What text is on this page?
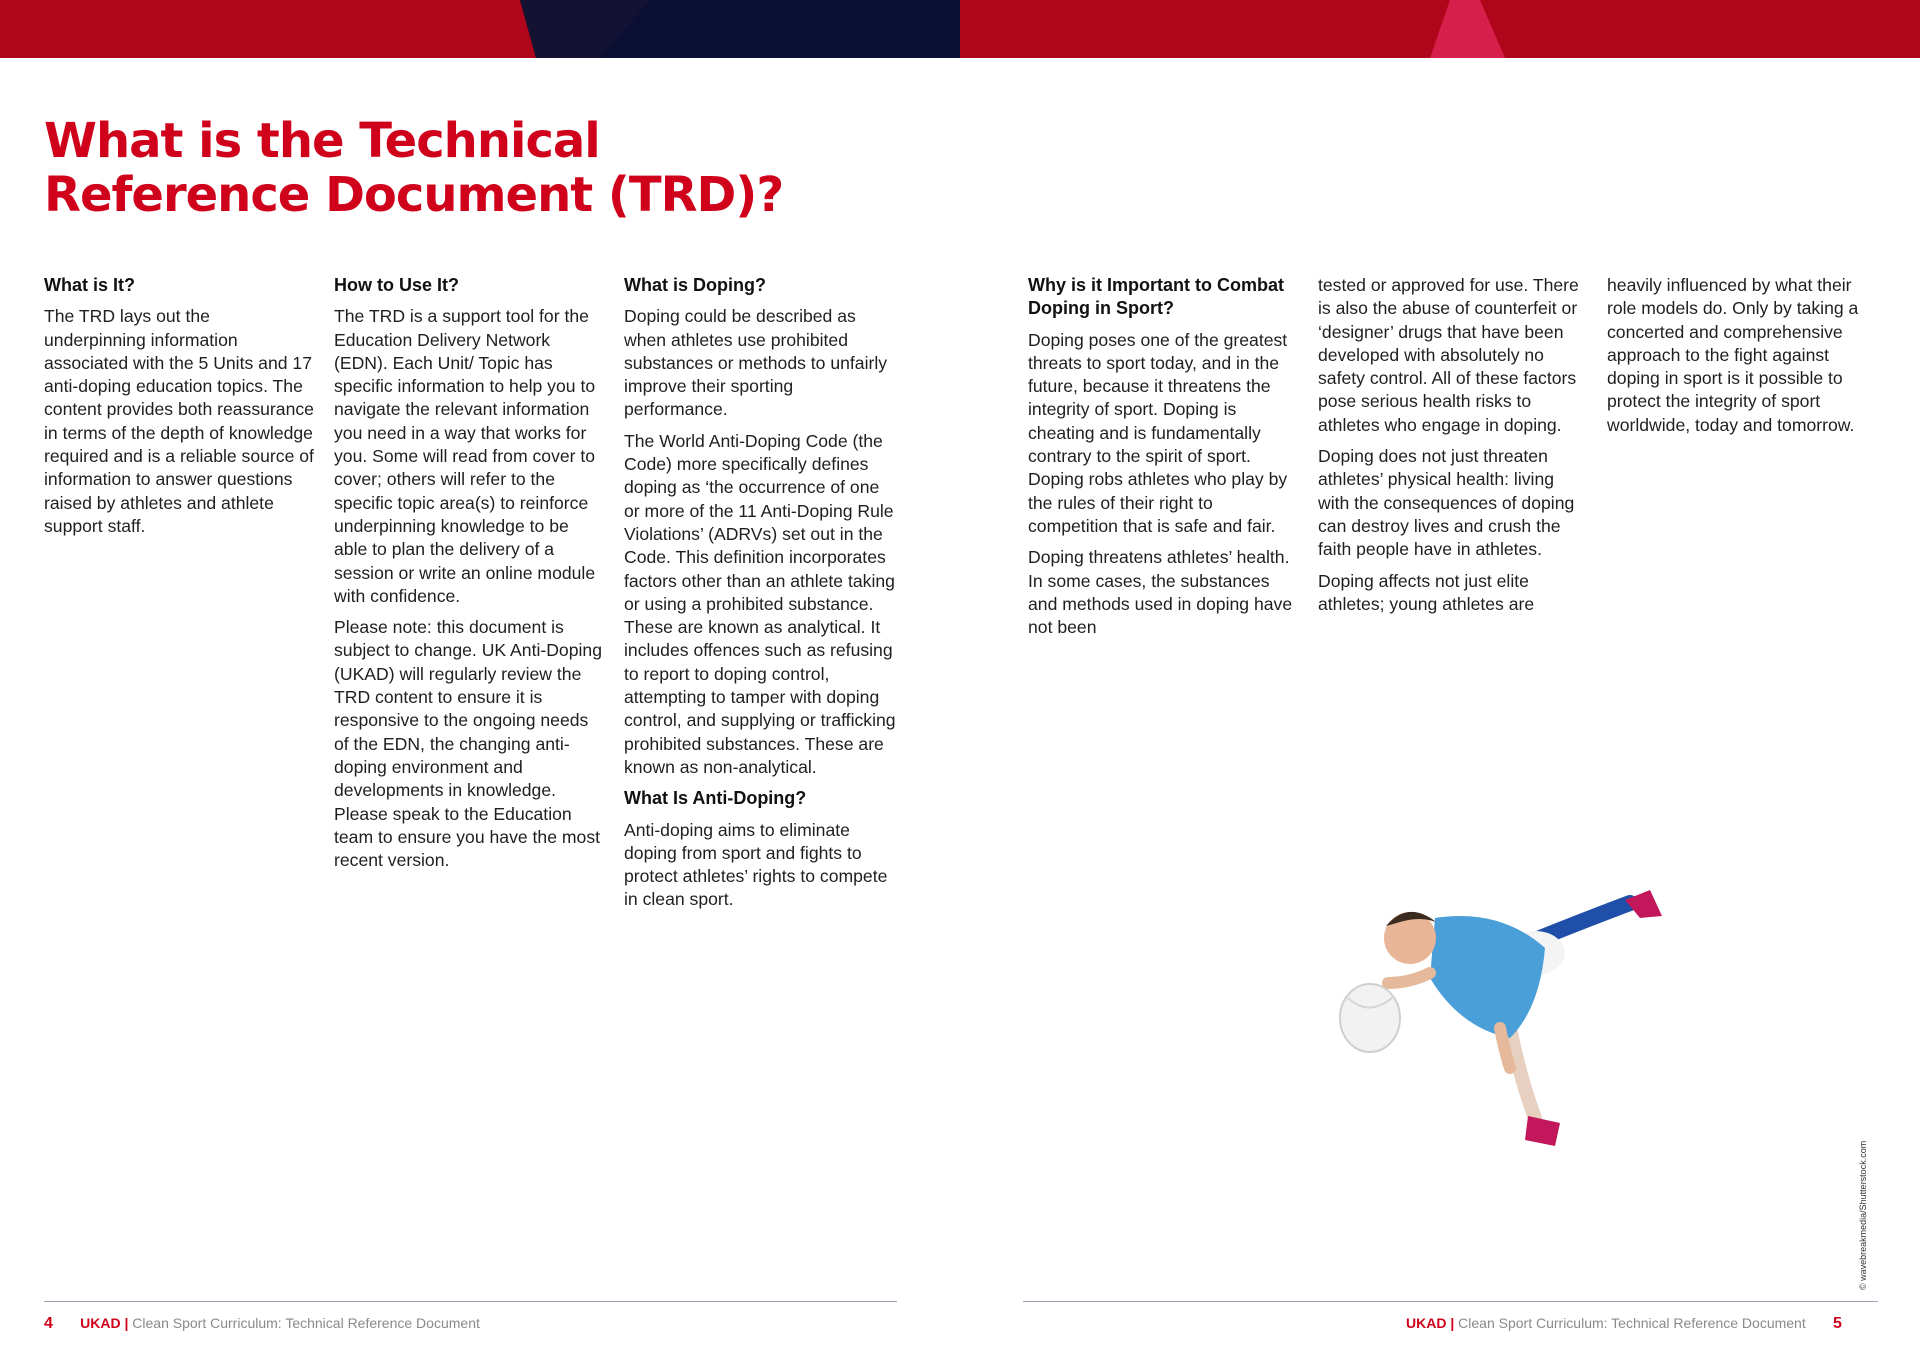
What is the Technical
Reference Document (TRD)?
What is It?

The TRD lays out the underpinning information associated with the 5 Units and 17 anti-doping education topics. The content provides both reassurance in terms of the depth of knowledge required and is a reliable source of information to answer questions raised by athletes and athlete support staff.

How to Use It?

The TRD is a support tool for the Education Delivery Network (EDN). Each Unit/ Topic has specific information to help you to navigate the relevant information you need in a way that works for you. Some will read from cover to cover; others will refer to the specific topic area(s) to reinforce underpinning knowledge to be able to plan the delivery of a session or write an online module with confidence.

Please note: this document is subject to change. UK Anti-Doping (UKAD) will regularly review the TRD content to ensure it is responsive to the ongoing needs of the EDN, the changing anti-doping environment and developments in knowledge. Please speak to the Education team to ensure you have the most recent version.

What is Doping?

Doping could be described as when athletes use prohibited substances or methods to unfairly improve their sporting performance.

The World Anti-Doping Code (the Code) more specifically defines doping as ‘the occurrence of one or more of the 11 Anti-Doping Rule Violations’ (ADRVs) set out in the Code. This definition incorporates factors other than an athlete taking or using a prohibited substance. These are known as analytical. It includes offences such as refusing to report to doping control, attempting to tamper with doping control, and supplying or trafficking prohibited substances. These are known as non-analytical.

What Is Anti-Doping?

Anti-doping aims to eliminate doping from sport and fights to protect athletes’ rights to compete in clean sport.

4 UKAD | Clean Sport Curriculum: Technical Reference Document
Why is it Important to Combat Doping in Sport?

Doping poses one of the greatest threats to sport today, and in the future, because it threatens the integrity of sport. Doping is cheating and is fundamentally contrary to the spirit of sport. Doping robs athletes who play by the rules of their right to competition that is safe and fair.

Doping threatens athletes’ health. In some cases, the substances and methods used in doping have not been

tested or approved for use. There is also the abuse of counterfeit or ‘designer’ drugs that have been developed with absolutely no safety control. All of these factors pose serious health risks to athletes who engage in doping.

Doping does not just threaten athletes’ physical health: living with the consequences of doping can destroy lives and crush the faith people have in athletes.

Doping affects not just elite athletes; young athletes are

heavily influenced by what their role models do. Only by taking a concerted and comprehensive approach to the fight against doping in sport is it possible to protect the integrity of sport worldwide, today and tomorrow.

UKAD | Clean Sport Curriculum: Technical Reference Document 5
© wavebreakmedia/Shutterstock.com
